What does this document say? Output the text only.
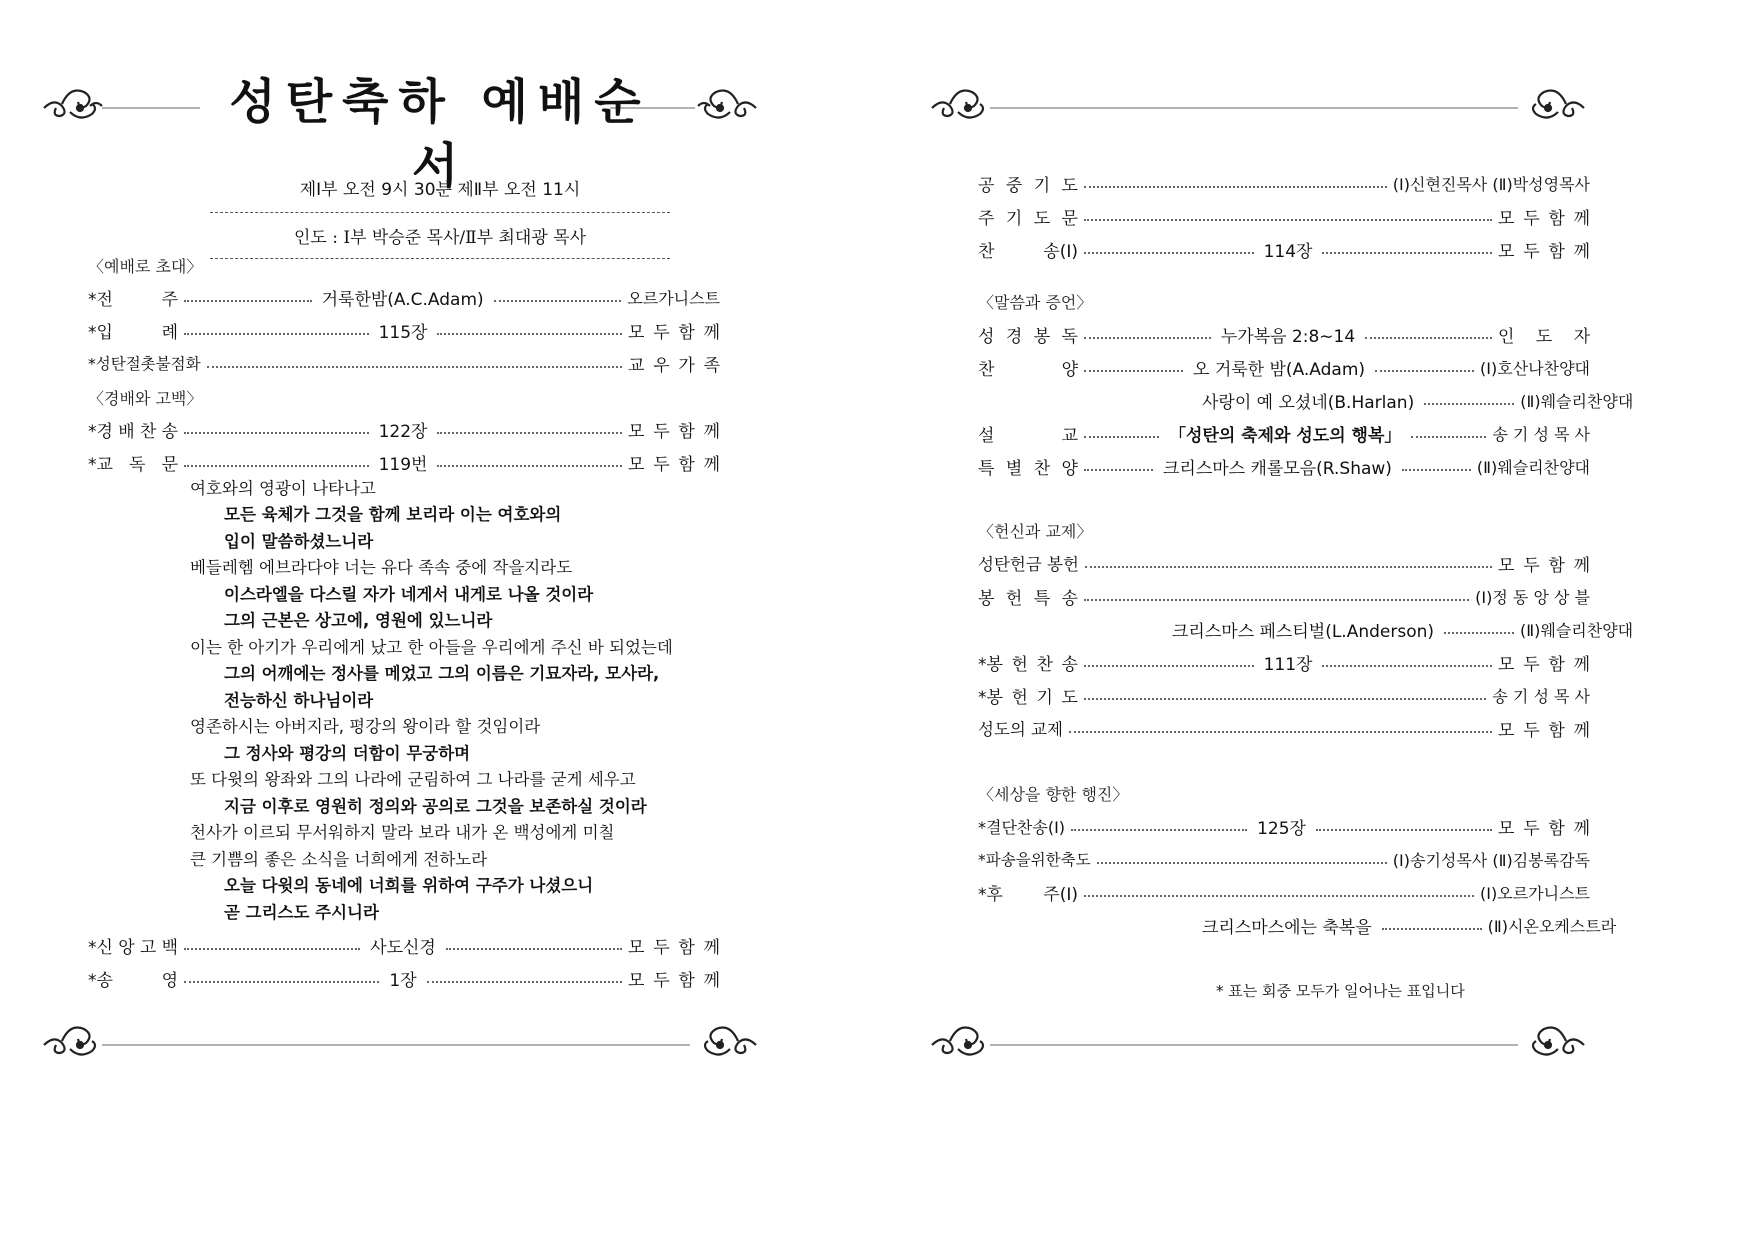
성탄축하 예배순서
제Ⅰ부 오전 9시 30분 제Ⅱ부 오전 11시
인도 : Ⅰ부 박승준 목사/Ⅱ부 최대광 목사
〈예배로 초대〉
*전	주	거룩한밤(A.C.Adam)	오르가니스트
*입	례	115장	모 두 함 께
*성탄절촛불점화	교 우 가 족
〈경배와 고백〉
*경 배 찬 송	122장	모 두 함 께
*교 독 문	119번	모 두 함 께
여호와의 영광이 나타나고
모든 육체가 그것을 함께 보리라 이는 여호와의
입이 말씀하셨느니라
베들레헴 에브라다야 너는 유다 족속 중에 작을지라도
이스라엘을 다스릴 자가 네게서 내게로 나올 것이라
그의 근본은 상고에, 영원에 있느니라
이는 한 아기가 우리에게 났고 한 아들을 우리에게 주신 바 되었는데
그의 어깨에는 정사를 메었고 그의 이름은 기묘자라, 모사라,
전능하신 하나님이라
영존하시는 아버지라, 평강의 왕이라 할 것임이라
그 정사와 평강의 더함이 무궁하며
또 다윗의 왕좌와 그의 나라에 군림하여 그 나라를 굳게 세우고
지금 이후로 영원히 정의와 공의로 그것을 보존하실 것이라
천사가 이르되 무서워하지 말라 보라 내가 온 백성에게 미칠
큰 기쁨의 좋은 소식을 너희에게 전하노라
오늘 다윗의 동네에 너희를 위하여 구주가 나셨으니
곧 그리스도 주시니라
*신 앙 고 백	사도신경	모 두 함 께
*송	영	1장	모 두 함 께
공 중 기 도	(Ⅰ)신현진목사 (Ⅱ)박성영목사
주 기 도 문	모 두 함 께
찬	송(Ⅰ)	114장	모 두 함 께
〈말씀과 증언〉
성 경 봉 독	누가복음 2:8∼14	인 도 자
찬	양	오 거룩한 밤(A.Adam)	(Ⅰ)호산나찬양대
사랑이 예 오셨네(B.Harlan)	(Ⅱ)웨슬리찬양대
설	교	「성탄의 축제와 성도의 행복」	송 기 성 목 사
특 별 찬 양	크리스마스 캐롤모음(R.Shaw)	(Ⅱ)웨슬리찬양대
〈헌신과 교제〉
성탄헌금 봉헌	모 두 함 께
봉 헌 특 송	(Ⅰ)정 동 앙 상 블
크리스마스 페스티벌(L.Anderson)	(Ⅱ)웨슬리찬양대
*봉 헌 찬 송	111장	모 두 함 께
*봉 헌 기 도	송 기 성 목 사
성도의 교제	모 두 함 께
〈세상을 향한 행진〉
*결단찬송(Ⅰ)	125장	모 두 함 께
*파송을위한축도	(Ⅰ)송기성목사 (Ⅱ)김봉록감독
*후 주(Ⅰ)	(Ⅰ)오르가니스트
크리스마스에는 축복을	(Ⅱ)시온오케스트라
* 표는 회중 모두가 일어나는 표입니다
